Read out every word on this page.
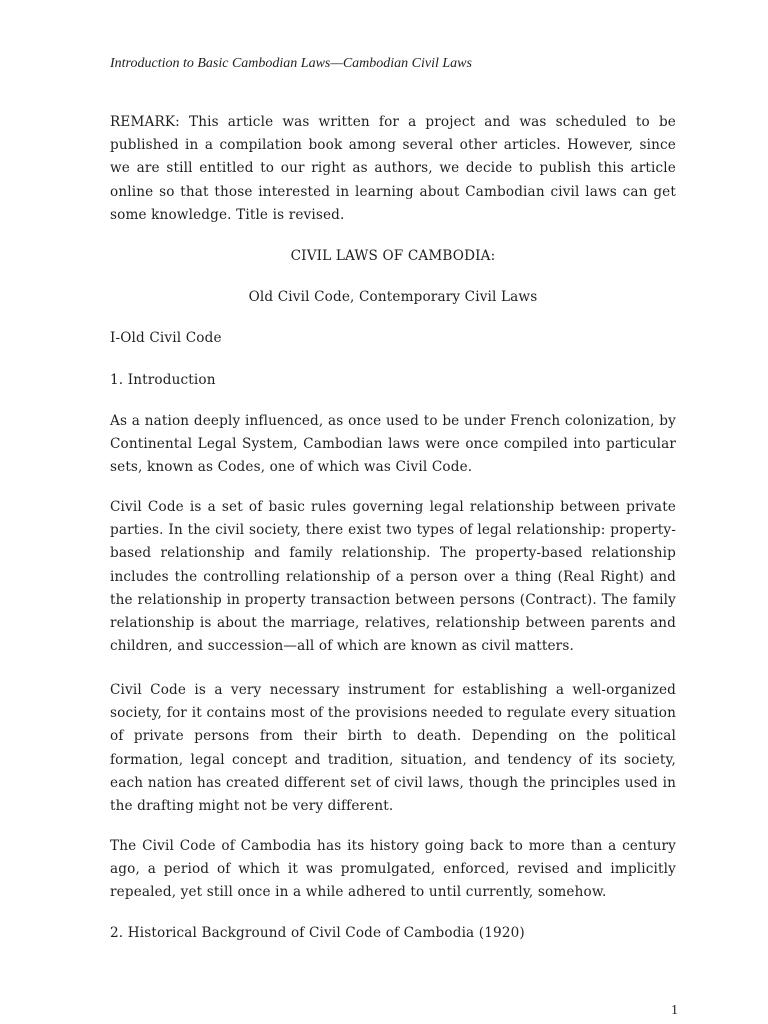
Introduction to Basic Cambodian Laws—Cambodian Civil Laws

REMARK: This article was written for a project and was scheduled to be published in a compilation book among several other articles. However, since we are still entitled to our right as authors, we decide to publish this article online so that those interested in learning about Cambodian civil laws can get some knowledge. Title is revised.

CIVIL LAWS OF CAMBODIA:

Old Civil Code, Contemporary Civil Laws

I-Old Civil Code

1. Introduction

As a nation deeply influenced, as once used to be under French colonization, by Continental Legal System, Cambodian laws were once compiled into particular sets, known as Codes, one of which was Civil Code.

Civil Code is a set of basic rules governing legal relationship between private parties. In the civil society, there exist two types of legal relationship: property-based relationship and family relationship. The property-based relationship includes the controlling relationship of a person over a thing (Real Right) and the relationship in property transaction between persons (Contract). The family relationship is about the marriage, relatives, relationship between parents and children, and succession—all of which are known as civil matters.

Civil Code is a very necessary instrument for establishing a well-organized society, for it contains most of the provisions needed to regulate every situation of private persons from their birth to death. Depending on the political formation, legal concept and tradition, situation, and tendency of its society, each nation has created different set of civil laws, though the principles used in the drafting might not be very different.

The Civil Code of Cambodia has its history going back to more than a century ago, a period of which it was promulgated, enforced, revised and implicitly repealed, yet still once in a while adhered to until currently, somehow.

2. Historical Background of Civil Code of Cambodia (1920)

1
